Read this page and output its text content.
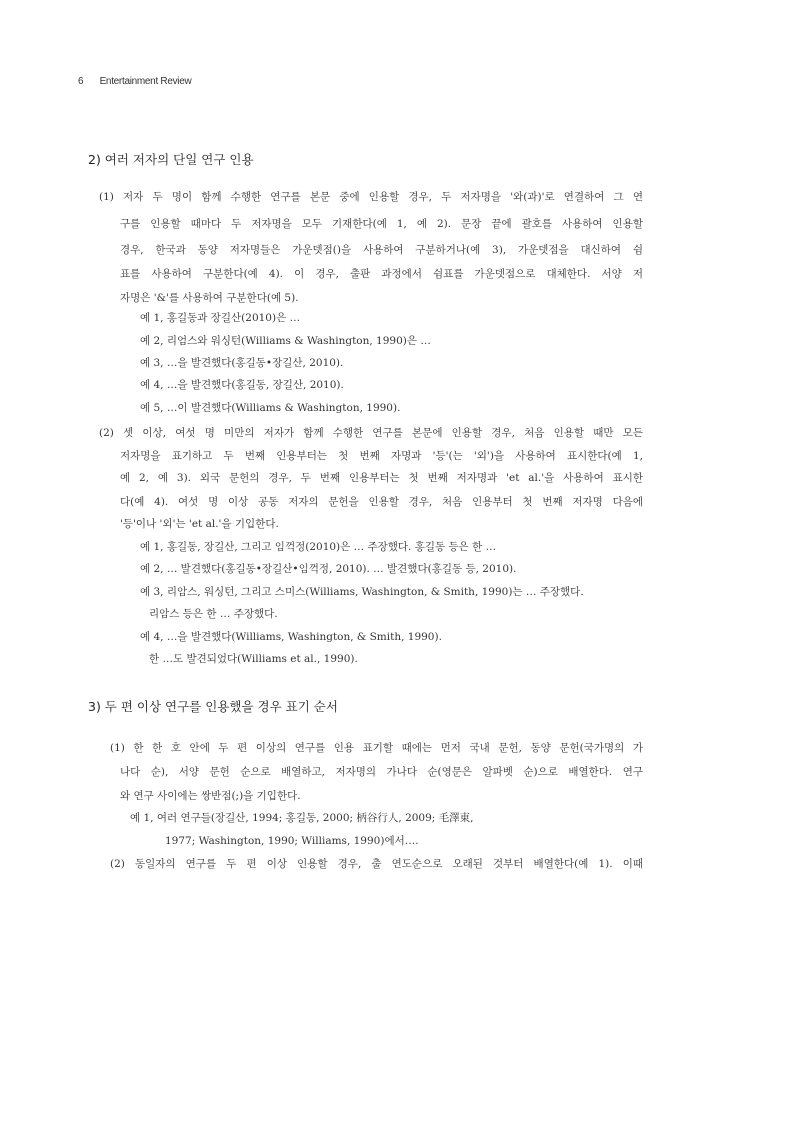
6 Entertainment Review
2) 여러 저자의 단일 연구 인용
(1) 저자 두 명이 함께 수행한 연구를 본문 중에 인용할 경우, 두 저자명을 '와(과)'로 연결하여 그 연
구를 인용할 때마다 두 저자명을 모두 기재한다(예 1, 예 2). 문장 끝에 괄호를 사용하여 인용할
경우, 한국과 동양 저자명들은 가운뎃점()을 사용하여 구분하거나(예 3), 가운뎃점을 대신하여 쉼
표를 사용하여 구분한다(예 4). 이 경우, 출판 과정에서 쉼표를 가운뎃점으로 대체한다. 서양 저
자명은 '&'를 사용하여 구분한다(예 5).
예 1, 홍길동과 장길산(2010)은 …
예 2, 리엄스와 워싱턴(Williams & Washington, 1990)은 …
예 3, …을 발견했다(홍길동•장길산, 2010).
예 4, …을 발견했다(홍길동, 장길산, 2010).
예 5, …이 발견했다(Williams & Washington, 1990).
(2) 셋 이상, 여섯 명 미만의 저자가 함께 수행한 연구를 본문에 인용할 경우, 처음 인용할 때만 모든
저자명을 표기하고 두 번째 인용부터는 첫 번째 자명과 '등'(는 '외')을 사용하여 표시한다(예 1,
예 2, 예 3). 외국 문헌의 경우, 두 번째 인용부터는 첫 번째 저자명과 'et al.'을 사용하여 표시한
다(예 4). 여섯 명 이상 공동 저자의 문헌을 인용할 경우, 처음 인용부터 첫 번째 저자명 다음에
'등'이나 '외'는 'et al.'을 기입한다.
예 1, 홍길동, 장길산, 그리고 임꺽정(2010)은 … 주장했다. 홍길동 등은 한 …
예 2, … 발견했다(홍길동•장길산•임꺽정, 2010). … 발견했다(홍길동 등, 2010).
예 3, 리암스, 워싱턴, 그리고 스미스(Williams, Washington, & Smith, 1990)는 … 주장했다.
리암스 등은 한 … 주장했다.
예 4, …을 발견했다(Williams, Washington, & Smith, 1990).
한 …도 발견되었다(Williams et al., 1990).
3) 두 편 이상 연구를 인용했을 경우 표기 순서
(1) 한 한 호 안에 두 편 이상의 연구를 인용 표기할 때에는 먼저 국내 문헌, 동양 문헌(국가명의 가
나다 순), 서양 문헌 순으로 배열하고, 저자명의 가나다 순(영문은 알파벳 순)으로 배열한다. 연구
와 연구 사이에는 쌍반점(;)을 기입한다.
예 1, 여러 연구들(장길산, 1994; 홍길동, 2000; 柄谷行人, 2009; 毛澤東,
1977; Washington, 1990; Williams, 1990)에서….
(2) 동일자의 연구를 두 편 이상 인용할 경우, 출 연도순으로 오래된 것부터 배열한다(예 1). 이때
